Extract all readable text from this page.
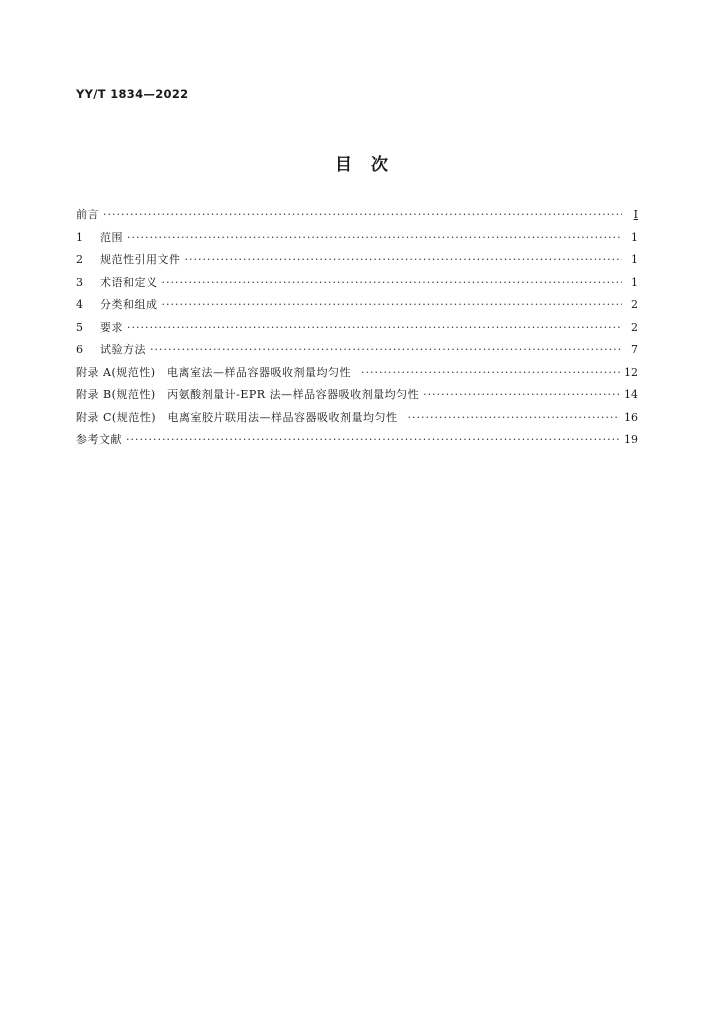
YY/T 1834—2022
目　次
前言 ·····	Ⅰ
1	范围 ·····	1
2	规范性引用文件 ·····	1
3	术语和定义 ·····	1
4	分类和组成 ·····	2
5	要求 ·····	2
6	试验方法 ·····	7
附录 A(规范性)　电离室法—样品容器吸收剂量均匀性 ·····	12
附录 B(规范性)　丙氨酸剂量计-EPR 法—样品容器吸收剂量均匀性 ·····	14
附录 C(规范性)　电离室胶片联用法—样品容器吸收剂量均匀性 ·····	16
参考文献 ·····	19
